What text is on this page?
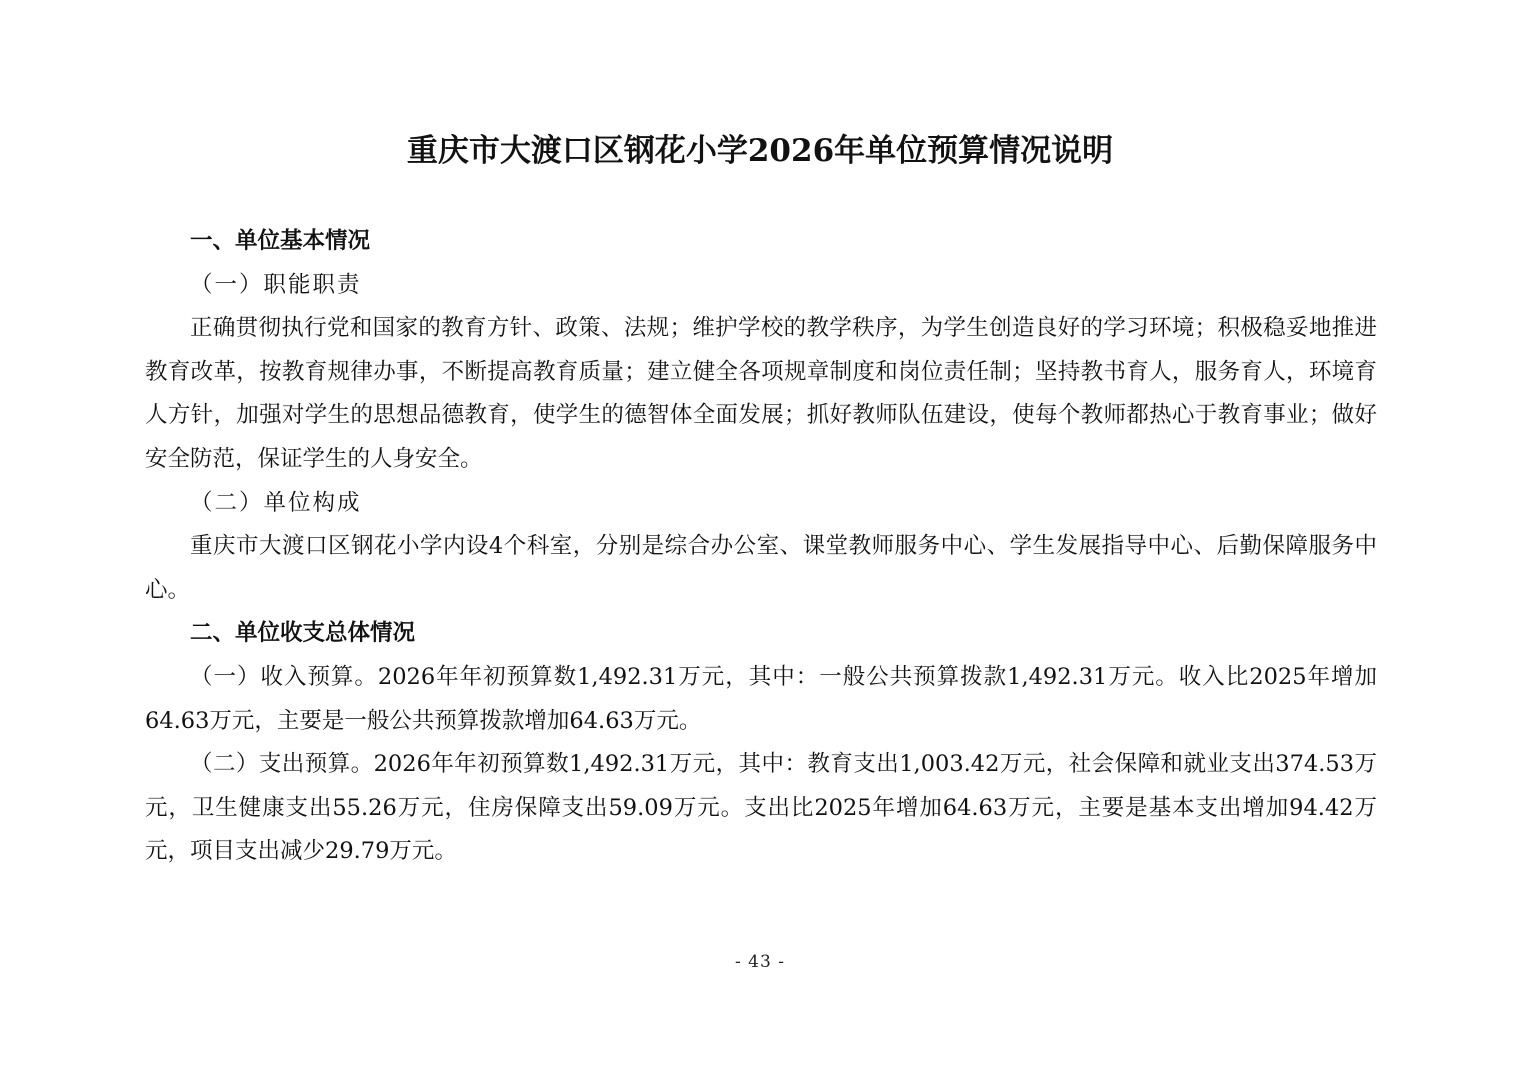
重庆市大渡口区钢花小学2026年单位预算情况说明

一、单位基本情况

（一）职能职责

正确贯彻执行党和国家的教育方针、政策、法规；维护学校的教学秩序，为学生创造良好的学习环境；积极稳妥地推进教育改革，按教育规律办事，不断提高教育质量；建立健全各项规章制度和岗位责任制；坚持教书育人，服务育人，环境育人方针，加强对学生的思想品德教育，使学生的德智体全面发展；抓好教师队伍建设，使每个教师都热心于教育事业；做好安全防范，保证学生的人身安全。

（二）单位构成

重庆市大渡口区钢花小学内设4个科室，分别是综合办公室、课堂教师服务中心、学生发展指导中心、后勤保障服务中心。

二、单位收支总体情况

（一）收入预算。2026年年初预算数1,492.31万元，其中：一般公共预算拨款1,492.31万元。收入比2025年增加64.63万元，主要是一般公共预算拨款增加64.63万元。

（二）支出预算。2026年年初预算数1,492.31万元，其中：教育支出1,003.42万元，社会保障和就业支出374.53万元，卫生健康支出55.26万元，住房保障支出59.09万元。支出比2025年增加64.63万元，主要是基本支出增加94.42万元，项目支出减少29.79万元。

- 43 -
